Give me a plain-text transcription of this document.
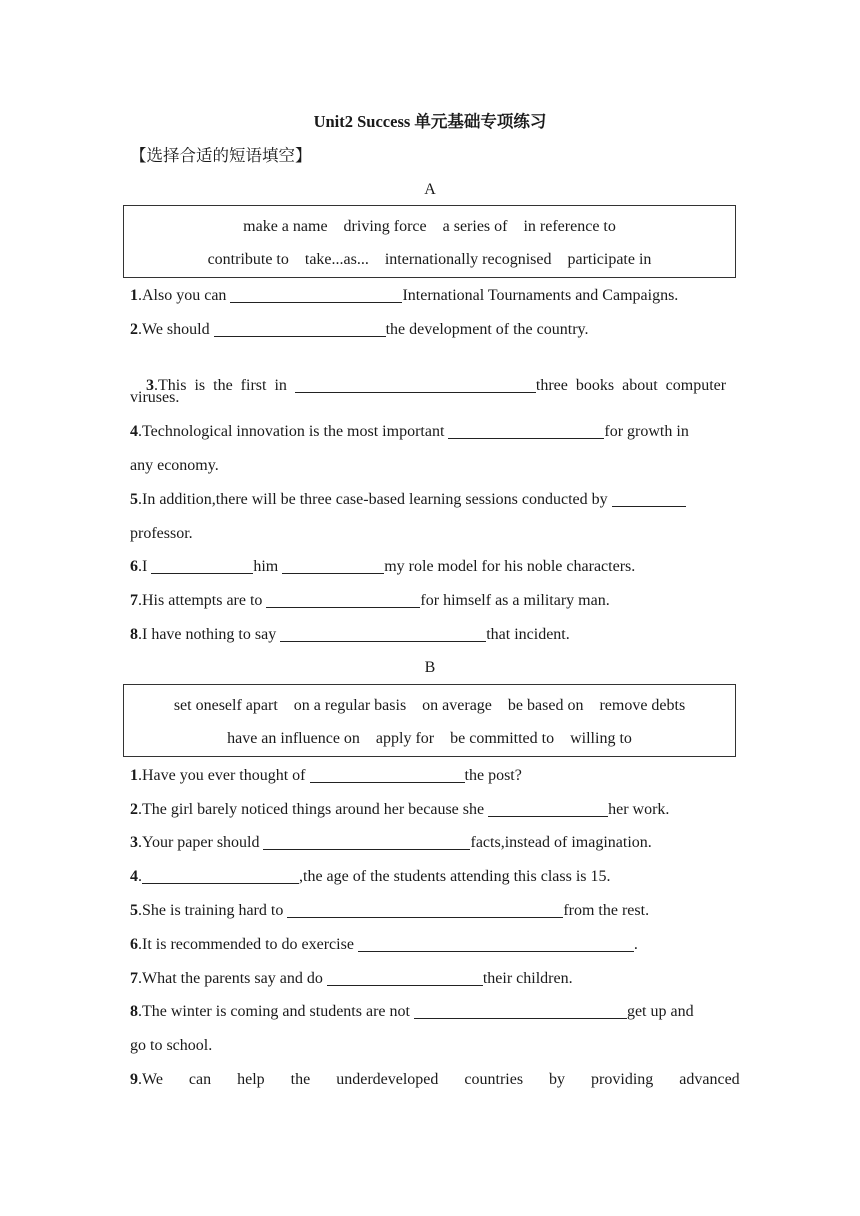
Unit2 Success 单元基础专项练习
【选择合适的短语填空】
A
make a name    driving force    a series of    in reference to
contribute to    take...as...    internationally recognised    participate in
1.Also you can	International Tournaments and Campaigns.
2.We should	the development of the country.

3.This  is  the  first  in	three  books  about  computer

viruses.
4.Technological innovation is the most important	for growth in
any economy.
5.In addition,there will be three case-based learning sessions conducted by
professor.
6.I	him	my role model for his noble characters.
7.His attempts are to	for himself as a military man.
8.I have nothing to say	that incident.
B
set oneself apart    on a regular basis    on average    be based on    remove debts
have an influence on    apply for    be committed to    willing to
1.Have you ever thought of	the post?
2.The girl barely noticed things around her because she	her work.
3.Your paper should	facts,instead of imagination.
4.	,the age of the students attending this class is 15.
5.She is training hard to	from the rest.
6.It is recommended to do exercise	.
7.What the parents say and do	their children.
8.The winter is coming and students are not	get up and
go to school.
9.We can help the underdeveloped countries by providing advanced
